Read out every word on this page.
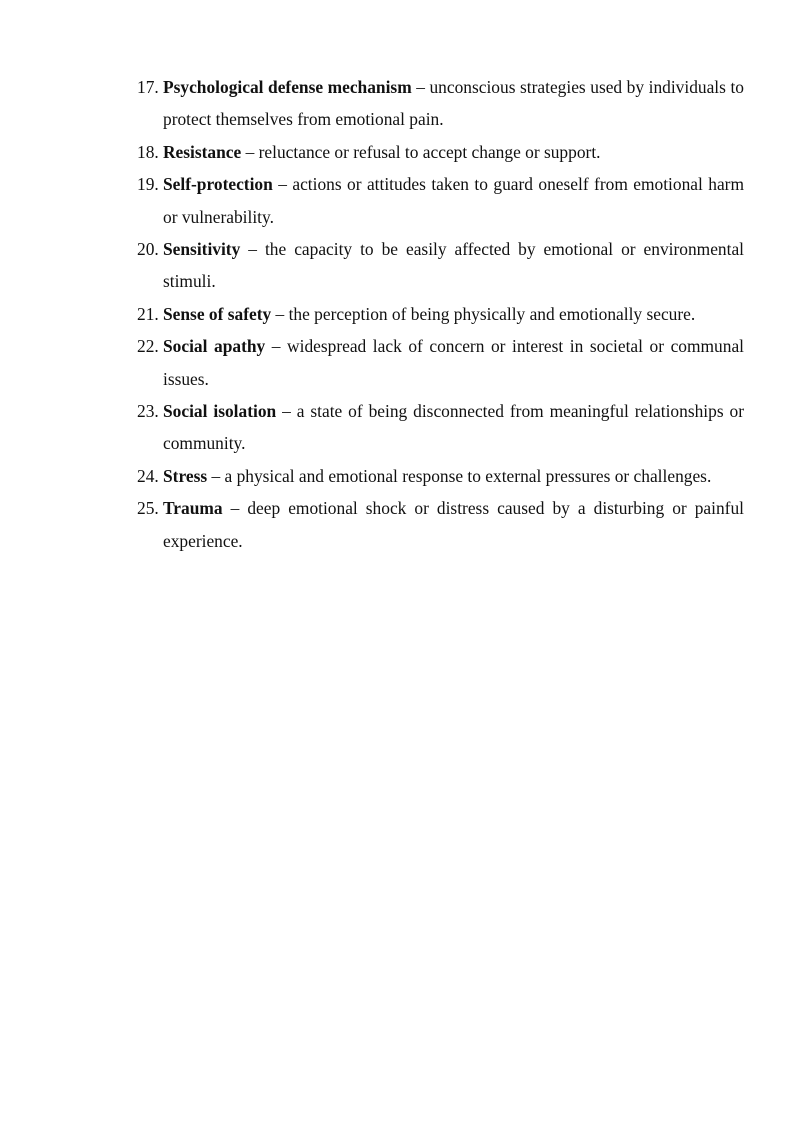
17. Psychological defense mechanism – unconscious strategies used by individuals to protect themselves from emotional pain.
18. Resistance – reluctance or refusal to accept change or support.
19. Self-protection – actions or attitudes taken to guard oneself from emotional harm or vulnerability.
20. Sensitivity – the capacity to be easily affected by emotional or environmental stimuli.
21. Sense of safety – the perception of being physically and emotionally secure.
22. Social apathy – widespread lack of concern or interest in societal or communal issues.
23. Social isolation – a state of being disconnected from meaningful relationships or community.
24. Stress – a physical and emotional response to external pressures or challenges.
25. Trauma – deep emotional shock or distress caused by a disturbing or painful experience.
